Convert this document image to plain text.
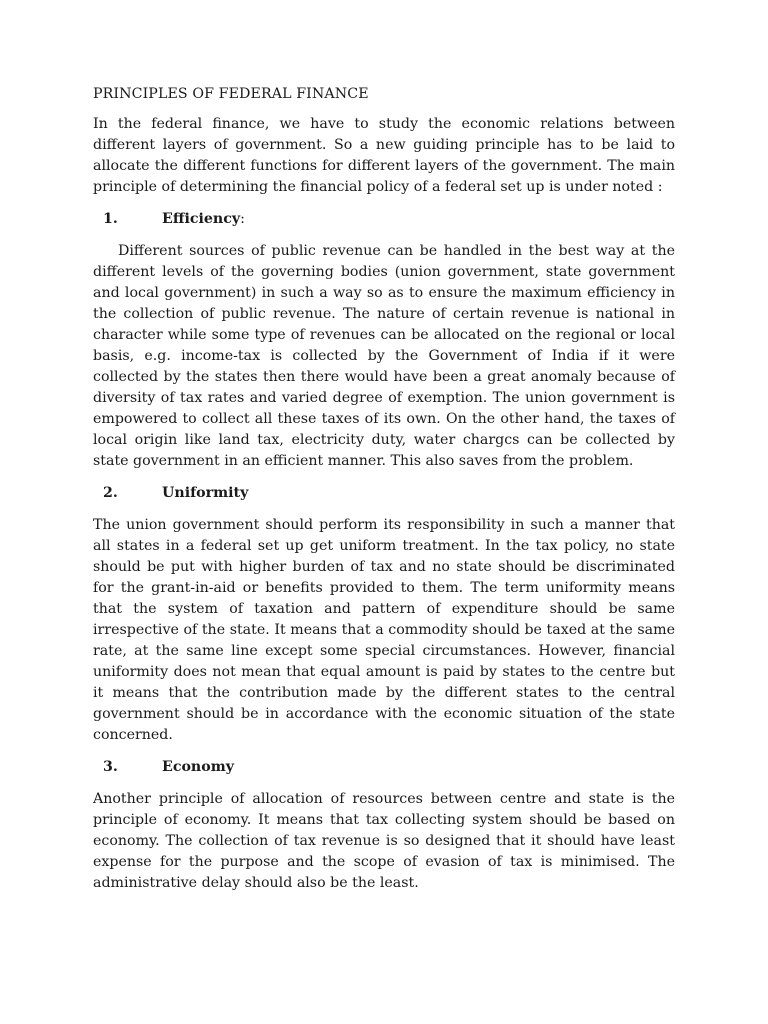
PRINCIPLES OF FEDERAL FINANCE

In the federal finance, we have to study the economic relations between different layers of government. So a new guiding principle has to be laid to allocate the different functions for different layers of the government. The main principle of determining the financial policy of a federal set up is under noted :

1.	Efficiency :

Different sources of public revenue can be handled in the best way at the different levels of the governing bodies (union government, state government and local government) in such a way so as to ensure the maximum efficiency in the collection of public revenue. The nature of certain revenue is national in character while some type of revenues can be allocated on the regional or local basis, e.g. income-tax is collected by the Government of India if it were collected by the states then there would have been a great anomaly because of diversity of tax rates and varied degree of exemption. The union government is empowered to collect all these taxes of its own. On the other hand, the taxes of local origin like land tax, electricity duty, water chargcs can be collected by state government in an efficient manner. This also saves from the problem.

2.	Uniformity

The union government should perform its responsibility in such a manner that all states in a federal set up get uniform treatment. In the tax policy, no state should be put with higher burden of tax and no state should be discriminated for the grant-in-aid or benefits provided to them. The term uniformity means that the system of taxation and pattern of expenditure should be same irrespective of the state. It means that a commodity should be taxed at the same rate, at the same line except some special circumstances. However, financial uniformity does not mean that equal amount is paid by states to the centre but it means that the contribution made by the different states to the central government should be in accordance with the economic situation of the state concerned.

3.	Economy

Another principle of allocation of resources between centre and state is the principle of economy. It means that tax collecting system should be based on economy. The collection of tax revenue is so designed that it should have least expense for the purpose and the scope of evasion of tax is minimised. The administrative delay should also be the least.
